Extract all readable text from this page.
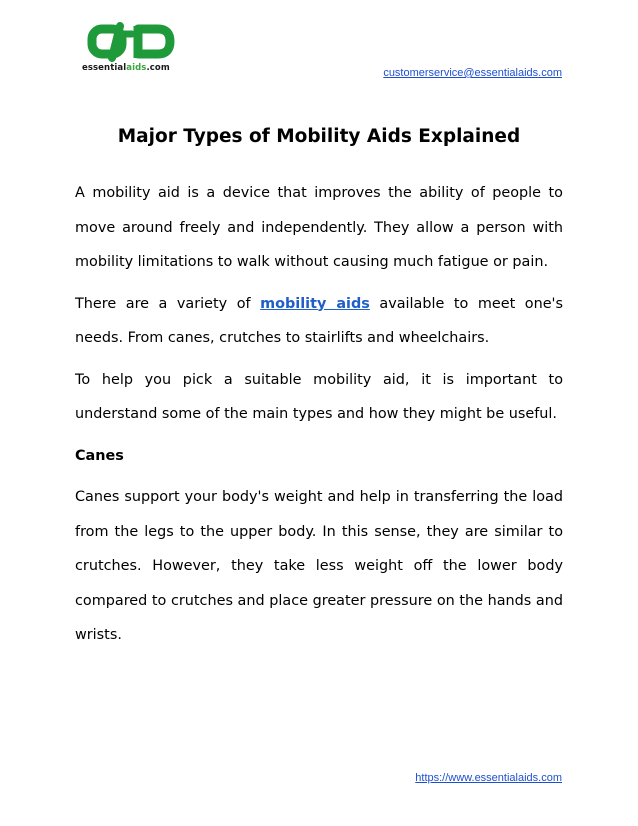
essentialaids.com	customerservice@essentialaids.com
Major Types of Mobility Aids Explained

A mobility aid is a device that improves the ability of people to move around freely and independently. They allow a person with mobility limitations to walk without causing much fatigue or pain.

There are a variety of mobility aids available to meet one's needs. From canes, crutches to stairlifts and wheelchairs.

To help you pick a suitable mobility aid, it is important to understand some of the main types and how they might be useful.

Canes

Canes support your body's weight and help in transferring the load from the legs to the upper body. In this sense, they are similar to crutches. However, they take less weight off the lower body compared to crutches and place greater pressure on the hands and wrists.

https://www.essentialaids.com
